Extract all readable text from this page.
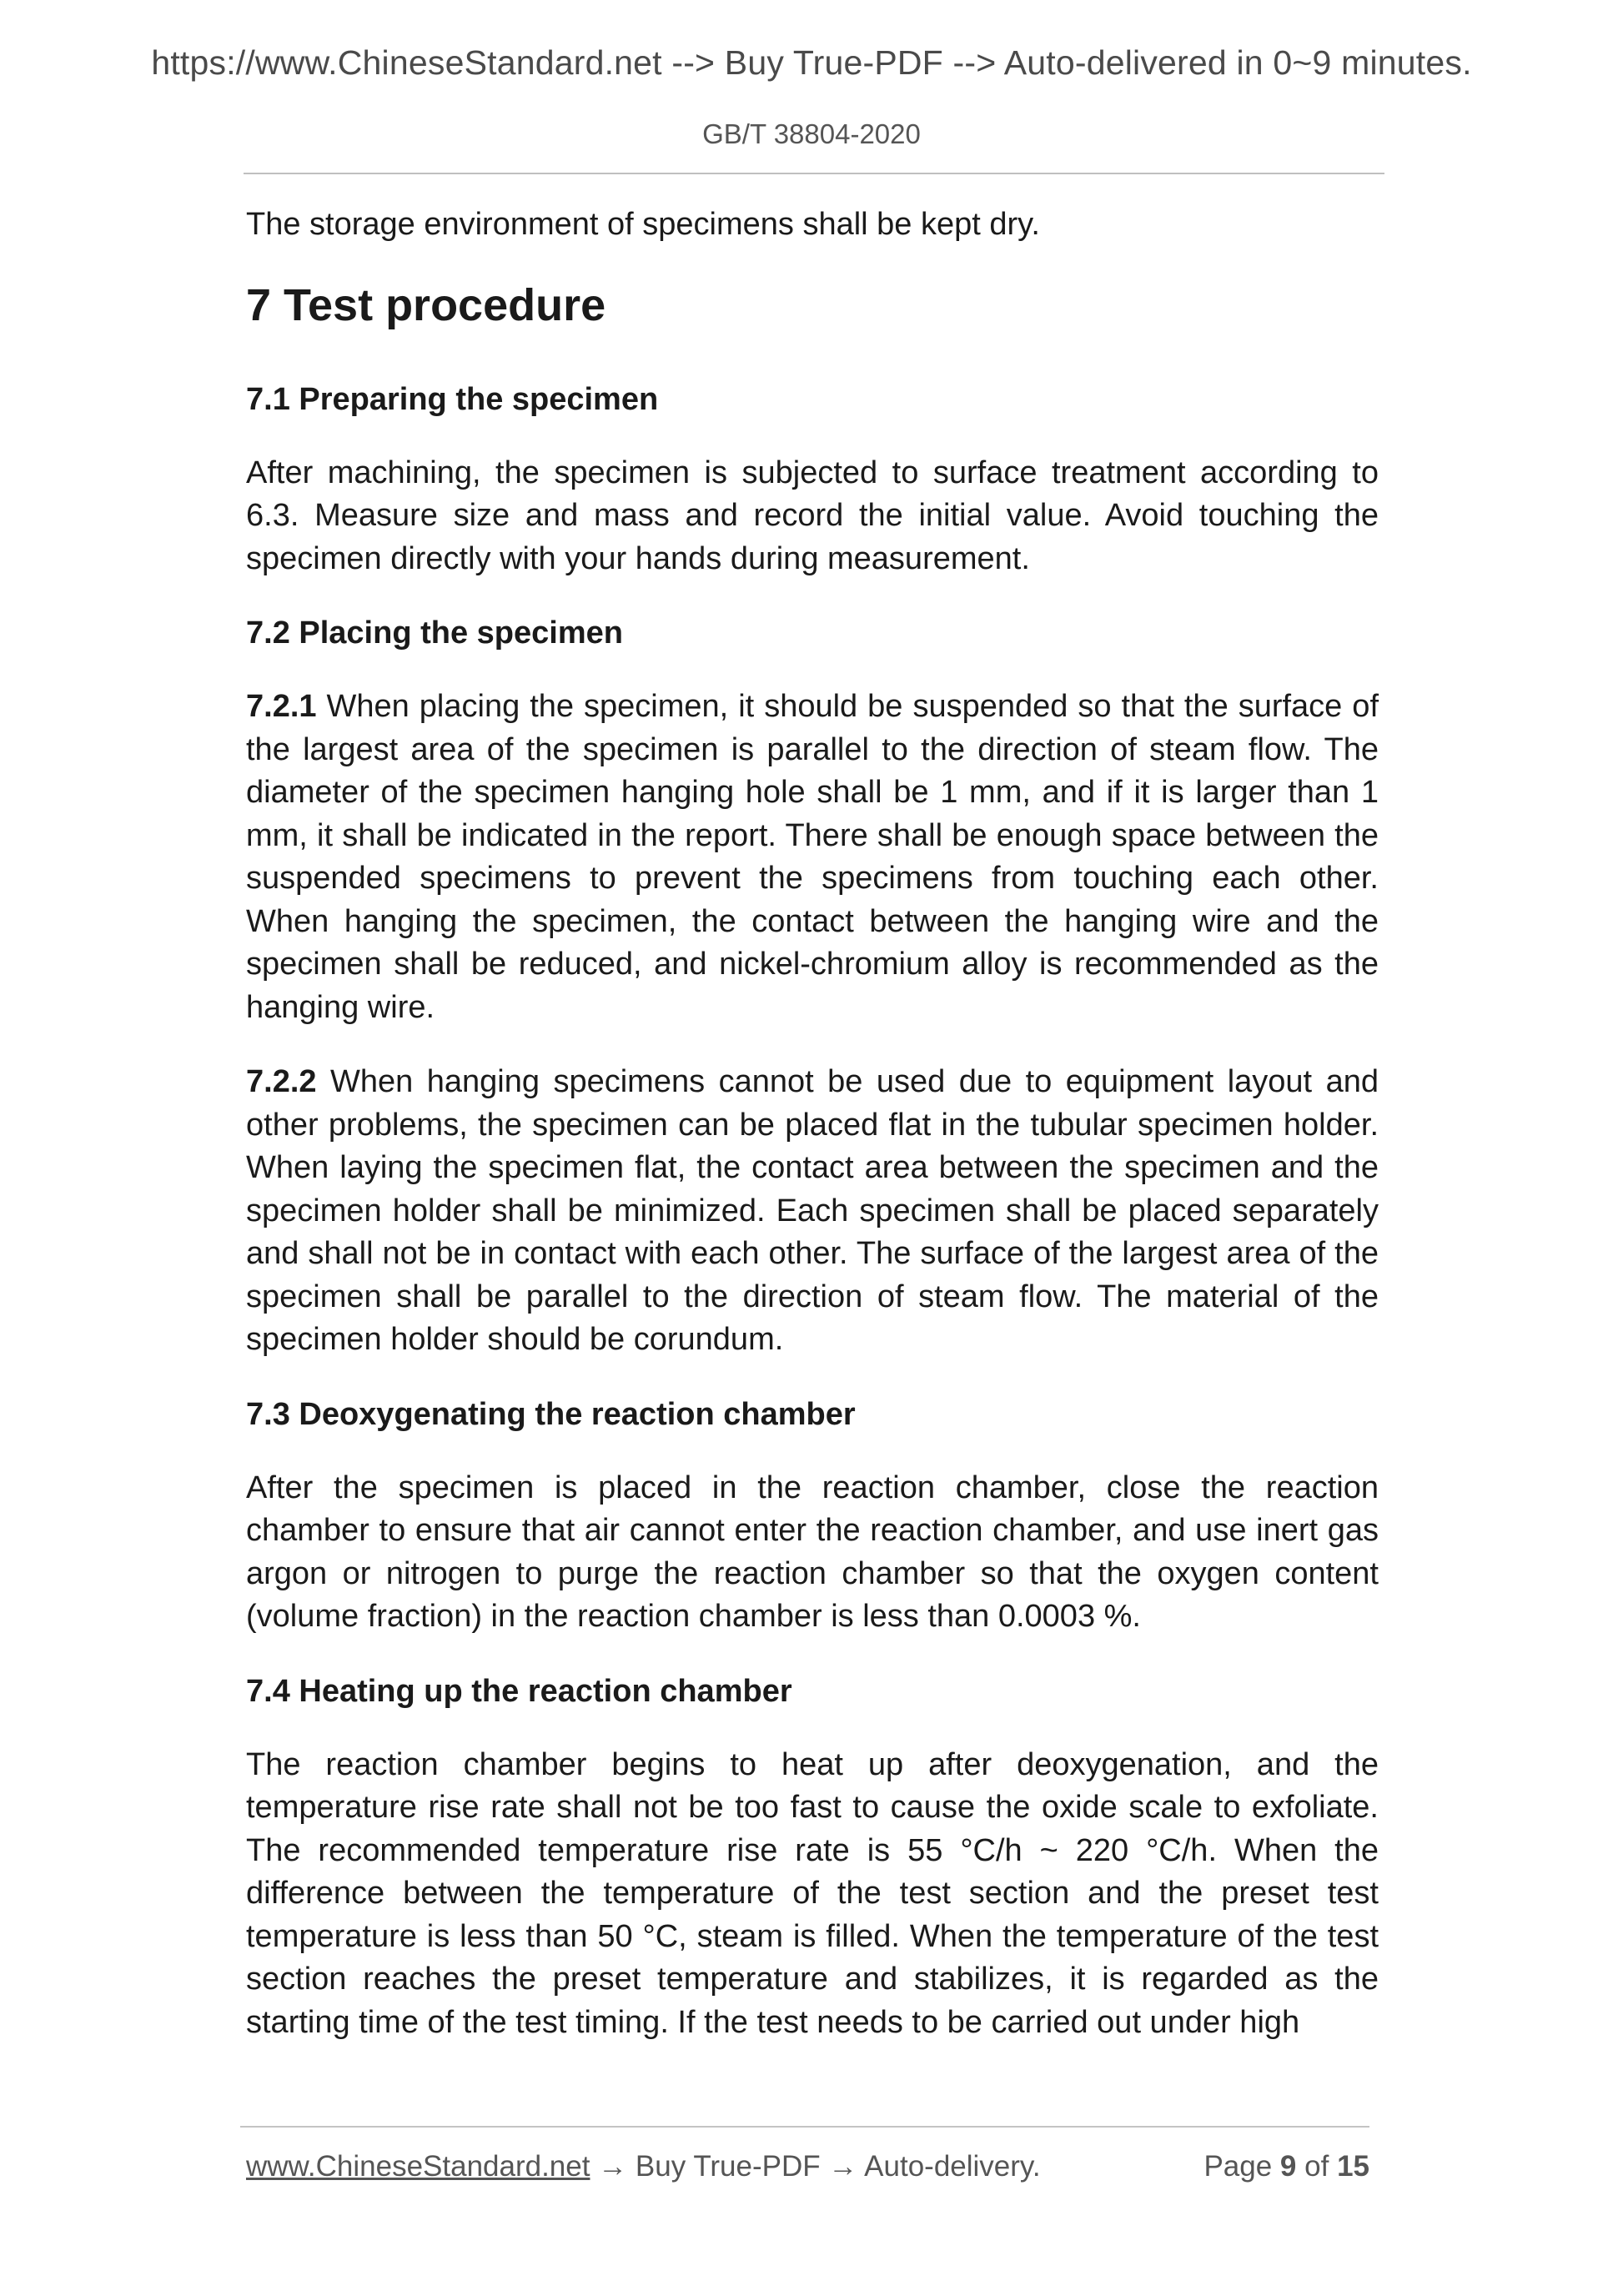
https://www.ChineseStandard.net --> Buy True-PDF --> Auto-delivered in 0~9 minutes.
GB/T 38804-2020

The storage environment of specimens shall be kept dry.

7 Test procedure
7.1 Preparing the specimen

After machining, the specimen is subjected to surface treatment according to 6.3. Measure size and mass and record the initial value. Avoid touching the specimen directly with your hands during measurement.

7.2 Placing the specimen

7.2.1 When placing the specimen, it should be suspended so that the surface of the largest area of the specimen is parallel to the direction of steam flow. The diameter of the specimen hanging hole shall be 1 mm, and if it is larger than 1 mm, it shall be indicated in the report. There shall be enough space between the suspended specimens to prevent the specimens from touching each other. When hanging the specimen, the contact between the hanging wire and the specimen shall be reduced, and nickel-chromium alloy is recommended as the hanging wire.

7.2.2 When hanging specimens cannot be used due to equipment layout and other problems, the specimen can be placed flat in the tubular specimen holder. When laying the specimen flat, the contact area between the specimen and the specimen holder shall be minimized. Each specimen shall be placed separately and shall not be in contact with each other. The surface of the largest area of the specimen shall be parallel to the direction of steam flow. The material of the specimen holder should be corundum.

7.3 Deoxygenating the reaction chamber

After the specimen is placed in the reaction chamber, close the reaction chamber to ensure that air cannot enter the reaction chamber, and use inert gas argon or nitrogen to purge the reaction chamber so that the oxygen content (volume fraction) in the reaction chamber is less than 0.0003 %.

7.4 Heating up the reaction chamber

The reaction chamber begins to heat up after deoxygenation, and the temperature rise rate shall not be too fast to cause the oxide scale to exfoliate. The recommended temperature rise rate is 55 °C/h ~ 220 °C/h. When the difference between the temperature of the test section and the preset test temperature is less than 50 °C, steam is filled. When the temperature of the test section reaches the preset temperature and stabilizes, it is regarded as the starting time of the test timing. If the test needs to be carried out under high

www.ChineseStandard.net → Buy True-PDF → Auto-delivery.	Page 9 of 15
